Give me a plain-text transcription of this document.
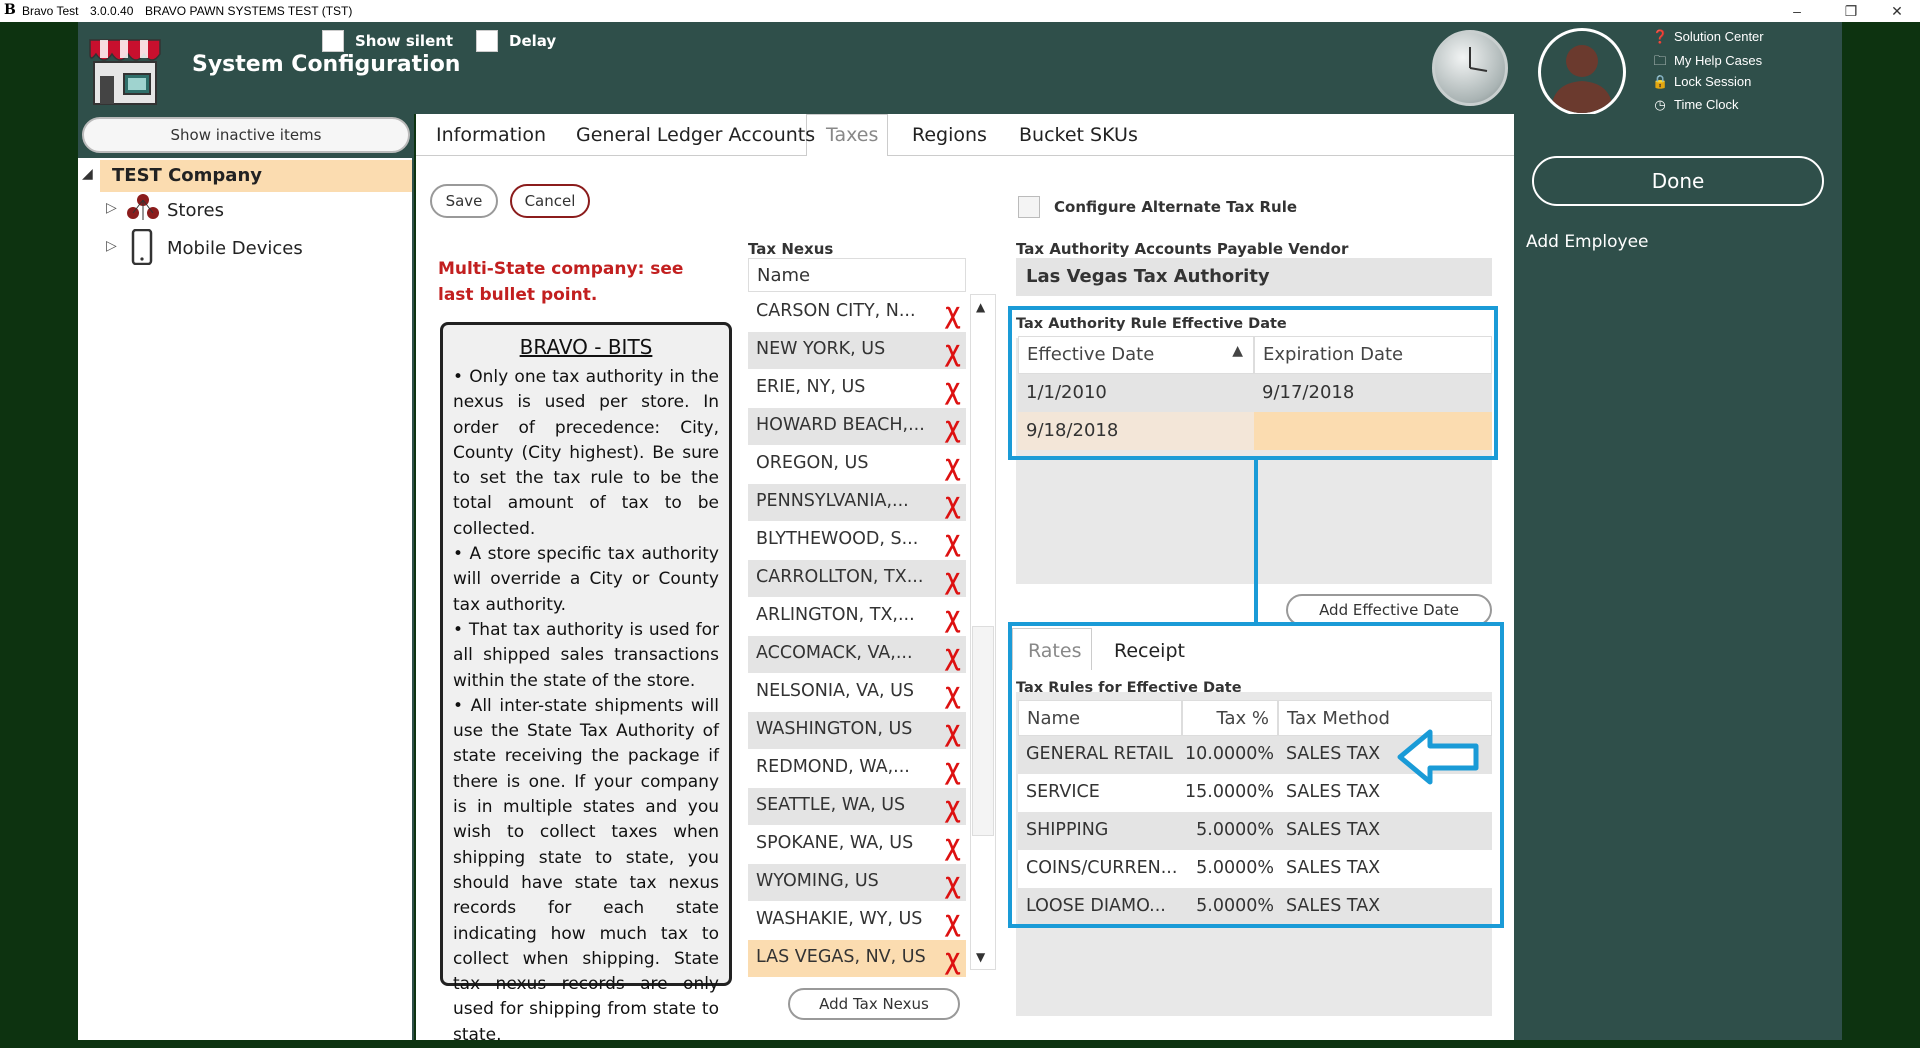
B Bravo Test 3.0.0.40 BRAVO PAWN SYSTEMS TEST (TST)	–	❐	✕
System Configuration
Show silent	Delay	❓ Solution Center
🗀 My Help Cases
🔒 Lock Session
◷ Time Clock
Done
Add Employee
Show inactive items
◢ TEST Company
▷	Stores
▷	Mobile Devices
Information General Ledger Accounts Taxes Regions Bucket SKUs
Save	Cancel
Multi-State company: see last bullet point.
BRAVO - BITS

• Only one tax authority in the nexus is used per store. In order of precedence: City, County (City highest). Be sure to set the tax rule to be the total amount of tax to be collected.
• A store specific tax authority will override a City or County tax authority.
• That tax authority is used for all shipped sales transactions within the state of the store.
• All inter-state shipments will use the State Tax Authority of state receiving the package if there is one. If your company is in multiple states and you wish to collect taxes when shipping state to state, you should have state tax nexus records for each state indicating how much tax to collect when shipping. State tax nexus records are only used for shipping from state to state.

Tax Nexus
Name
CARSON CITY, N... Ꭓ
NEW YORK, US	Ꭓ
ERIE, NY, US	Ꭓ
HOWARD BEACH,... Ꭓ
OREGON, US	Ꭓ
PENNSYLVANIA,... Ꭓ
BLYTHEWOOD, S... Ꭓ
CARROLLTON, TX... Ꭓ
ARLINGTON, TX,... Ꭓ
ACCOMACK, VA,... Ꭓ
NELSONIA, VA, US Ꭓ
WASHINGTON, US Ꭓ
REDMOND, WA,... Ꭓ
SEATTLE, WA, US Ꭓ
SPOKANE, WA, US Ꭓ
WYOMING, US	Ꭓ
WASHAKIE, WY, US Ꭓ
LAS VEGAS, NV, US Ꭓ
▲
▼
Add Tax Nexus
Configure Alternate Tax Rule
Tax Authority Accounts Payable Vendor
Las Vegas Tax Authority
Tax Authority Rule Effective Date
Effective Date	▲	Expiration Date
1/1/2010	9/17/2018
9/18/2018
Add Effective Date
Rates Receipt
Tax Rules for Effective Date
Name	Tax %	Tax Method
GENERAL RETAIL 10.0000% SALES TAX
SERVICE	15.0000% SALES TAX
SHIPPING	5.0000% SALES TAX
COINS/CURREN... 5.0000% SALES TAX
LOOSE DIAMO... 5.0000% SALES TAX
